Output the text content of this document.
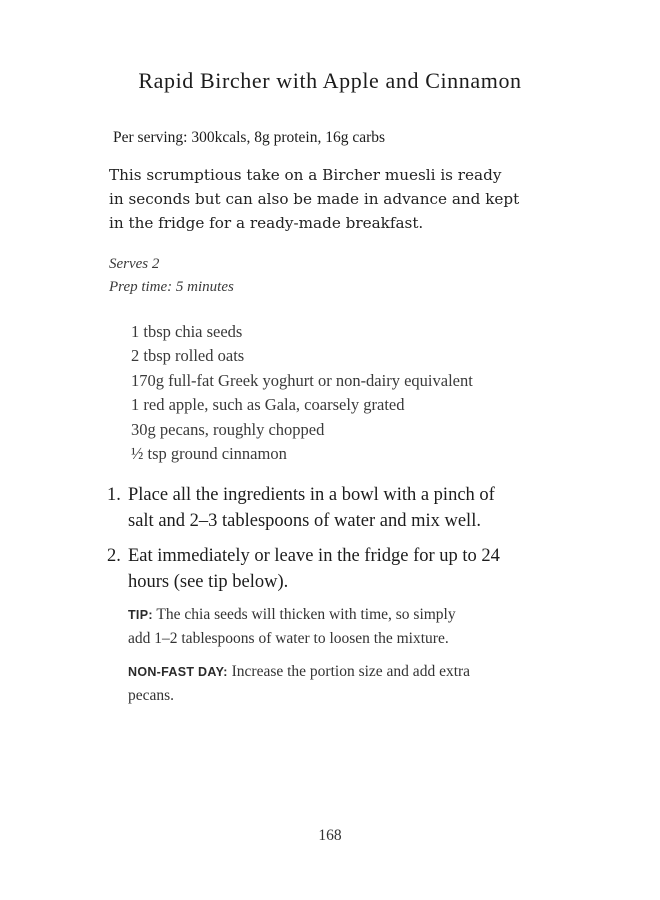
Rapid Bircher with Apple and Cinnamon
Per serving: 300kcals, 8g protein, 16g carbs
This scrumptious take on a Bircher muesli is ready
in seconds but can also be made in advance and kept
in the fridge for a ready-made breakfast.
Serves 2
Prep time: 5 minutes
1 tbsp chia seeds
2 tbsp rolled oats
170g full-fat Greek yoghurt or non-dairy equivalent
1 red apple, such as Gala, coarsely grated
30g pecans, roughly chopped
½ tsp ground cinnamon
1. Place all the ingredients in a bowl with a pinch of
salt and 2–3 tablespoons of water and mix well.
2. Eat immediately or leave in the fridge for up to 24
hours (see tip below).
TIP: The chia seeds will thicken with time, so simply
add 1–2 tablespoons of water to loosen the mixture.
NON-FAST DAY: Increase the portion size and add extra
pecans.
168
